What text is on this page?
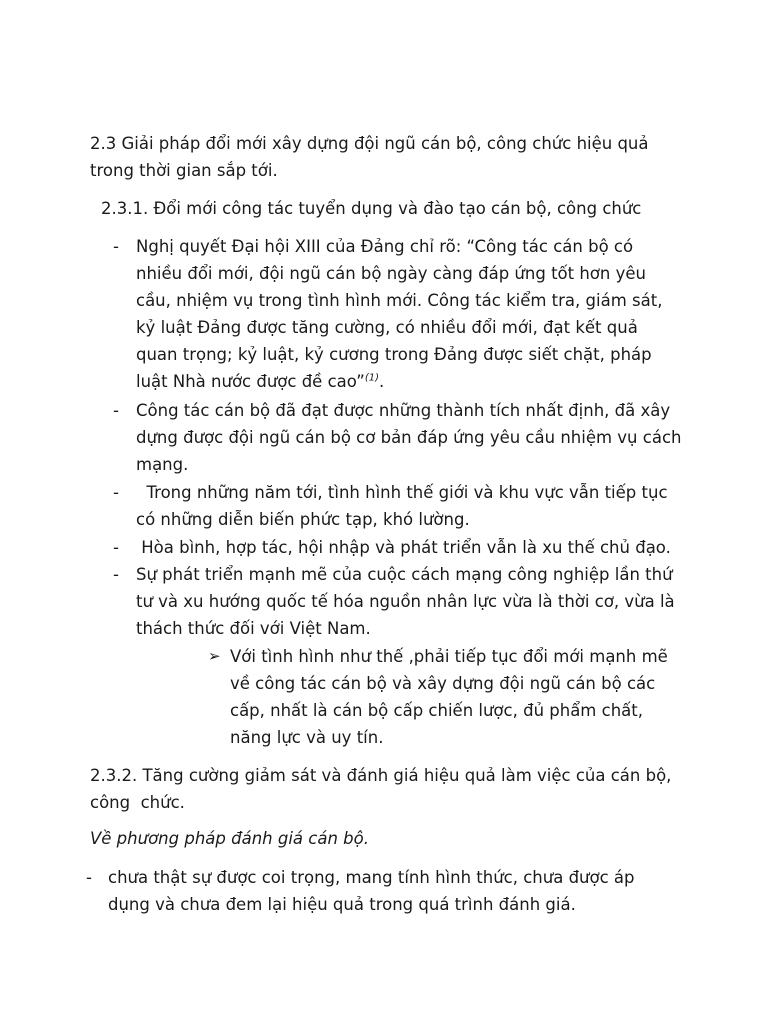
2.3 Giải pháp đổi mới xây dựng đội ngũ cán bộ, công chức hiệu quả trong thời gian sắp tới.

2.3.1. Đổi mới công tác tuyển dụng và đào tạo cán bộ, công chức

- Nghị quyết Đại hội XIII của Đảng chỉ rõ: “Công tác cán bộ có nhiều đổi mới, đội ngũ cán bộ ngày càng đáp ứng tốt hơn yêu cầu, nhiệm vụ trong tình hình mới. Công tác kiểm tra, giám sát, kỷ luật Đảng được tăng cường, có nhiều đổi mới, đạt kết quả quan trọng; kỷ luật, kỷ cương trong Đảng được siết chặt, pháp luật Nhà nước được đề cao”$^{(1)}$.
- Công tác cán bộ đã đạt được những thành tích nhất định, đã xây dựng được đội ngũ cán bộ cơ bản đáp ứng yêu cầu nhiệm vụ cách mạng.
- Trong những năm tới, tình hình thế giới và khu vực vẫn tiếp tục có những diễn biến phức tạp, khó lường.
- Hòa bình, hợp tác, hội nhập và phát triển vẫn là xu thế chủ đạo.
- Sự phát triển mạnh mẽ của cuộc cách mạng công nghiệp lần thứ tư và xu hướng quốc tế hóa nguồn nhân lực vừa là thời cơ, vừa là thách thức đối với Việt Nam.
➢ Với tình hình như thế ,phải tiếp tục đổi mới mạnh mẽ về công tác cán bộ và xây dựng đội ngũ cán bộ các cấp, nhất là cán bộ cấp chiến lược, đủ phẩm chất, năng lực và uy tín.

2.3.2. Tăng cường giảm sát và đánh giá hiệu quả làm việc của cán bộ, công  chức.

Về phương pháp đánh giá cán bộ.

- chưa thật sự được coi trọng, mang tính hình thức, chưa được áp dụng và chưa đem lại hiệu quả trong quá trình đánh giá.
